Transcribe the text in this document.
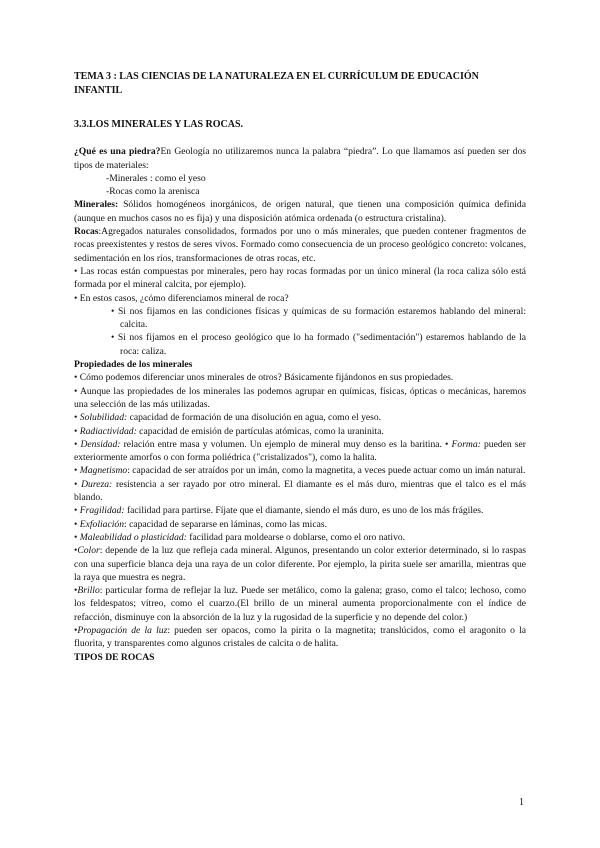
TEMA 3 : LAS CIENCIAS DE LA NATURALEZA EN EL CURRÍCULUM DE EDUCACIÓN INFANTIL

3.3.LOS MINERALES Y LAS ROCAS.

¿Qué es una piedra?En Geología no utilizaremos nunca la palabra “piedra”. Lo que llamamos así pueden ser dos tipos de materiales:

-Minerales : como el yeso

-Rocas como la arenisca

Minerales: Sólidos homogéneos inorgánicos, de origen natural, que tienen una composición química definida (aunque en muchos casos no es fija) y una disposición atómica ordenada (o estructura cristalina).

Rocas:Agregados naturales consolidados, formados por uno o más minerales, que pueden contener fragmentos de rocas preexistentes y restos de seres vivos. Formado como consecuencia de un proceso geológico concreto: volcanes, sedimentación en los ríos, transformaciones de otras rocas, etc.

• Las rocas están compuestas por minerales, pero hay rocas formadas por un único mineral (la roca caliza sólo está formada por el mineral calcita, por ejemplo).

• En estos casos, ¿cómo diferenciamos mineral de roca?

• Si nos fijamos en las condiciones físicas y químicas de su formación estaremos hablando del mineral: calcita.

• Si nos fijamos en el proceso geológico que lo ha formado ("sedimentación") estaremos hablando de la roca: caliza.

Propiedades de los minerales

• Cómo podemos diferenciar unos minerales de otros? Básicamente fijándonos en sus propiedades.

• Aunque las propiedades de los minerales las podemos agrupar en químicas, físicas, ópticas o mecánicas, haremos una selección de las más utilizadas.

• Solubilidad: capacidad de formación de una disolución en agua, como el yeso.

• Radiactividad: capacidad de emisión de partículas atómicas, como la uraninita.

• Densidad: relación entre masa y volumen. Un ejemplo de mineral muy denso es la baritina. • Forma: pueden ser exteriormente amorfos o con forma poliédrica ("cristalizados"), como la halita.

• Magnetismo: capacidad de ser atraídos por un imán, como la magnetita, a veces puede actuar como un imán natural.

• Dureza: resistencia a ser rayado por otro mineral. El diamante es el más duro, mientras que el talco es el más blando.

• Fragilidad: facilidad para partirse. Fíjate que el diamante, siendo el más duro, es uno de los más frágiles.

• Exfoliación: capacidad de separarse en láminas, como las micas.

• Maleabilidad o plasticidad: facilidad para moldearse o doblarse, como el oro nativo.

•Color: depende de la luz que refleja cada mineral. Algunos, presentando un color exterior determinado, si lo raspas con una superficie blanca deja una raya de un color diferente. Por ejemplo, la pirita suele ser amarilla, mientras que la raya que muestra es negra.

•Brillo: particular forma de reflejar la luz. Puede ser metálico, como la galena; graso, como el talco; lechoso, como los feldespatos; vítreo, como el cuarzo.(El brillo de un mineral aumenta proporcionalmente con el índice de refacción, disminuye con la absorción de la luz y la rugosidad de la superficie y no depende del color.)

•Propagación de la luz: pueden ser opacos, como la pirita o la magnetita; translúcidos, como el aragonito o la fluorita, y transparentes como algunos cristales de calcita o de halita.

TIPOS DE ROCAS

1
